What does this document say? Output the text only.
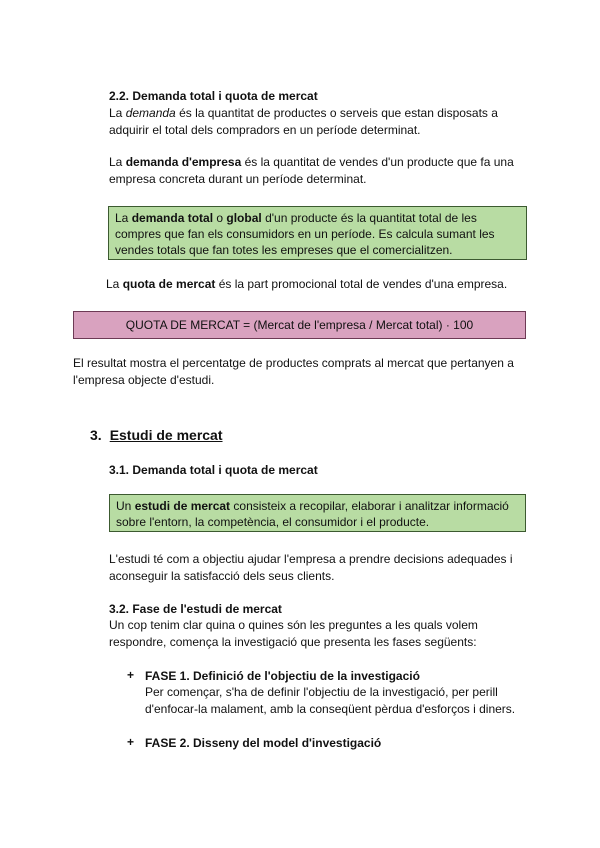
2.2. Demanda total i quota de mercat
La demanda és la quantitat de productes o serveis que estan disposats a
adquirir el total dels compradors en un període determinat.
La demanda d'empresa és la quantitat de vendes d'un producte que fa una
empresa concreta durant un període determinat.
La demanda total o global d'un producte és la quantitat total de les
compres que fan els consumidors en un període. Es calcula sumant les
vendes totals que fan totes les empreses que el comercialitzen.
La quota de mercat és la part promocional total de vendes d'una empresa.
QUOTA DE MERCAT = (Mercat de l'empresa / Mercat total) · 100
El resultat mostra el percentatge de productes comprats al mercat que pertanyen a
l'empresa objecte d'estudi.
3. Estudi de mercat
3.1. Demanda total i quota de mercat
Un estudi de mercat consisteix a recopilar, elaborar i analitzar informació
sobre l'entorn, la competència, el consumidor i el producte.
L'estudi té com a objectiu ajudar l'empresa a prendre decisions adequades i
aconseguir la satisfacció dels seus clients.
3.2. Fase de l'estudi de mercat
Un cop tenim clar quina o quines són les preguntes a les quals volem
respondre, comença la investigació que presenta les fases següents:
+ FASE 1. Definició de l'objectiu de la investigació
Per començar, s'ha de definir l'objectiu de la investigació, per perill
d'enfocar-la malament, amb la conseqüent pèrdua d'esforços i diners.
+ FASE 2. Disseny del model d'investigació
